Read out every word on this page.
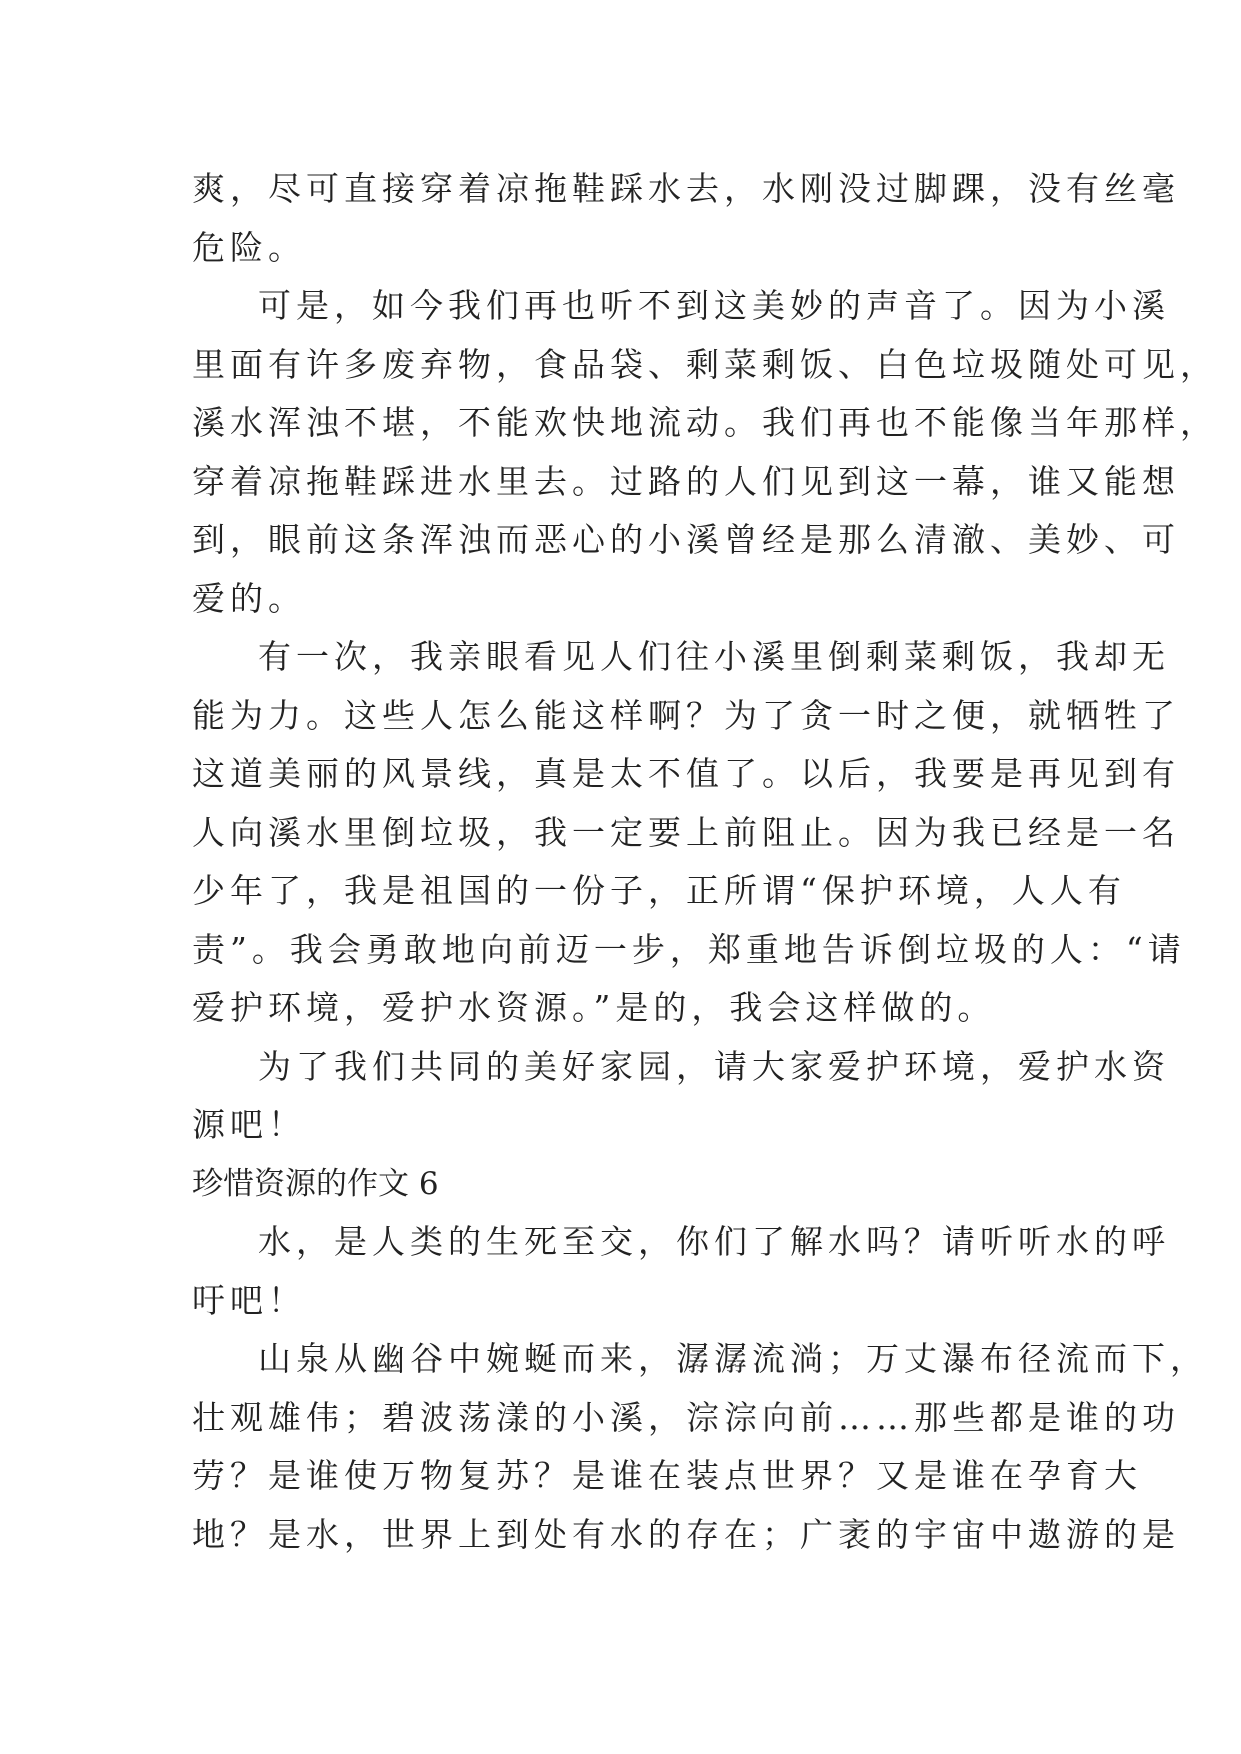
爽，尽可直接穿着凉拖鞋踩水去，水刚没过脚踝，没有丝毫
危险。
可是，如今我们再也听不到这美妙的声音了。因为小溪
里面有许多废弃物，食品袋、剩菜剩饭、白色垃圾随处可见，
溪水浑浊不堪，不能欢快地流动。我们再也不能像当年那样，
穿着凉拖鞋踩进水里去。过路的人们见到这一幕，谁又能想
到，眼前这条浑浊而恶心的小溪曾经是那么清澈、美妙、可
爱的。
有一次，我亲眼看见人们往小溪里倒剩菜剩饭，我却无
能为力。这些人怎么能这样啊？为了贪一时之便，就牺牲了
这道美丽的风景线，真是太不值了。以后，我要是再见到有
人向溪水里倒垃圾，我一定要上前阻止。因为我已经是一名
少年了，我是祖国的一份子，正所谓“保护环境，人人有
责”。我会勇敢地向前迈一步，郑重地告诉倒垃圾的人：“请
爱护环境，爱护水资源。”是的，我会这样做的。
为了我们共同的美好家园，请大家爱护环境，爱护水资
源吧！
珍惜资源的作文 6
水，是人类的生死至交，你们了解水吗？请听听水的呼
吁吧！
山泉从幽谷中婉蜒而来，潺潺流淌；万丈瀑布径流而下，
壮观雄伟；碧波荡漾的小溪，淙淙向前……那些都是谁的功
劳？是谁使万物复苏？是谁在装点世界？又是谁在孕育大
地？是水，世界上到处有水的存在；广袤的宇宙中遨游的是
